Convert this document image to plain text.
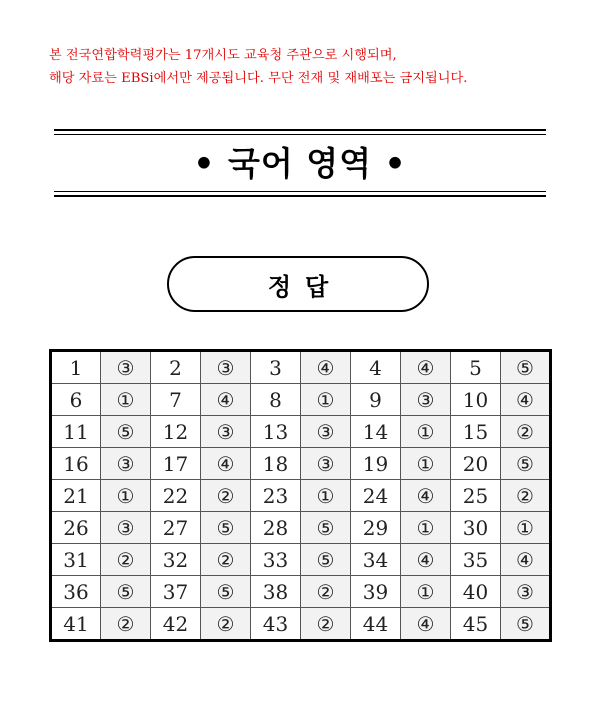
본 전국연합학력평가는 17개시도 교육청 주관으로 시행되며,
해당 자료는 EBSi에서만 제공됩니다. 무단 전재 및 재배포는 금지됩니다.
• 국어 영역 •
정답
1	③	2	③	3	④	4	④	5	⑤
6	①	7	④	8	①	9	③	10	④
11	⑤	12	③	13	③	14	①	15	②
16	③	17	④	18	③	19	①	20	⑤
21	①	22	②	23	①	24	④	25	②
26	③	27	⑤	28	⑤	29	①	30	①
31	②	32	②	33	⑤	34	④	35	④
36	⑤	37	⑤	38	②	39	①	40	③
41	②	42	②	43	②	44	④	45	⑤
